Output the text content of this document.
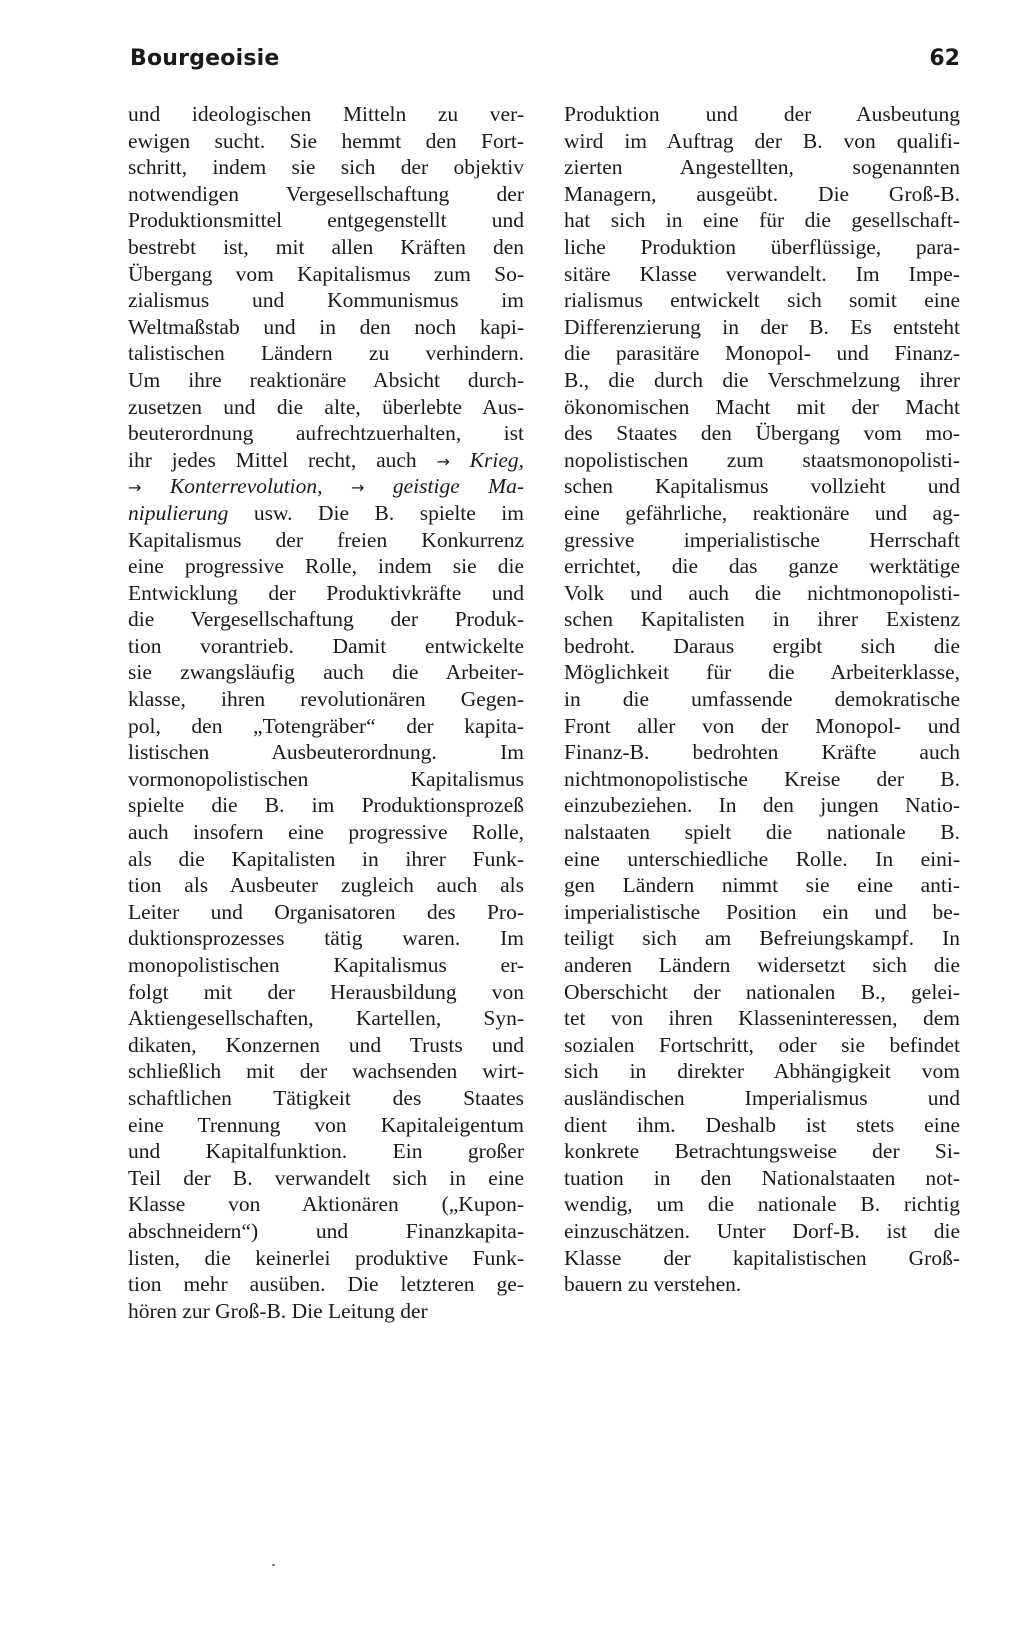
Bourgeoisie	62
und ideologischen Mitteln zu ver-
ewigen sucht. Sie hemmt den Fort-
schritt, indem sie sich der objektiv
notwendigen Vergesellschaftung der
Produktionsmittel entgegenstellt und
bestrebt ist, mit allen Kräften den
Übergang vom Kapitalismus zum So-
zialismus und Kommunismus im
Weltmaßstab und in den noch kapi-
talistischen Ländern zu verhindern.
Um ihre reaktionäre Absicht durch-
zusetzen und die alte, überlebte Aus-
beuterordnung aufrechtzuerhalten, ist
ihr jedes Mittel recht, auch → Krieg,
→ Konterrevolution, → geistige Ma-
nipulierung usw. Die B. spielte im
Kapitalismus der freien Konkurrenz
eine progressive Rolle, indem sie die
Entwicklung der Produktivkräfte und
die Vergesellschaftung der Produk-
tion vorantrieb. Damit entwickelte
sie zwangsläufig auch die Arbeiter-
klasse, ihren revolutionären Gegen-
pol, den „Totengräber“ der kapita-
listischen Ausbeuterordnung. Im
vormonopolistischen Kapitalismus
spielte die B. im Produktionsprozeß
auch insofern eine progressive Rolle,
als die Kapitalisten in ihrer Funk-
tion als Ausbeuter zugleich auch als
Leiter und Organisatoren des Pro-
duktionsprozesses tätig waren. Im
monopolistischen Kapitalismus er-
folgt mit der Herausbildung von
Aktiengesellschaften, Kartellen, Syn-
dikaten, Konzernen und Trusts und
schließlich mit der wachsenden wirt-
schaftlichen Tätigkeit des Staates
eine Trennung von Kapitaleigentum
und Kapitalfunktion. Ein großer
Teil der B. verwandelt sich in eine
Klasse von Aktionären („Kupon-
abschneidern“) und Finanzkapita-
listen, die keinerlei produktive Funk-
tion mehr ausüben. Die letzteren ge-
hören zur Groß-B. Die Leitung der
Produktion und der Ausbeutung
wird im Auftrag der B. von qualifi-
zierten Angestellten, sogenannten
Managern, ausgeübt. Die Groß-B.
hat sich in eine für die gesellschaft-
liche Produktion überflüssige, para-
sitäre Klasse verwandelt. Im Impe-
rialismus entwickelt sich somit eine
Differenzierung in der B. Es entsteht
die parasitäre Monopol- und Finanz-
B., die durch die Verschmelzung ihrer
ökonomischen Macht mit der Macht
des Staates den Übergang vom mo-
nopolistischen zum staatsmonopolisti-
schen Kapitalismus vollzieht und
eine gefährliche, reaktionäre und ag-
gressive imperialistische Herrschaft
errichtet, die das ganze werktätige
Volk und auch die nichtmonopolisti-
schen Kapitalisten in ihrer Existenz
bedroht. Daraus ergibt sich die
Möglichkeit für die Arbeiterklasse,
in die umfassende demokratische
Front aller von der Monopol- und
Finanz-B. bedrohten Kräfte auch
nichtmonopolistische Kreise der B.
einzubeziehen. In den jungen Natio-
nalstaaten spielt die nationale B.
eine unterschiedliche Rolle. In eini-
gen Ländern nimmt sie eine anti-
imperialistische Position ein und be-
teiligt sich am Befreiungskampf. In
anderen Ländern widersetzt sich die
Oberschicht der nationalen B., gelei-
tet von ihren Klasseninteressen, dem
sozialen Fortschritt, oder sie befindet
sich in direkter Abhängigkeit vom
ausländischen Imperialismus und
dient ihm. Deshalb ist stets eine
konkrete Betrachtungsweise der Si-
tuation in den Nationalstaaten not-
wendig, um die nationale B. richtig
einzuschätzen. Unter Dorf-B. ist die
Klasse der kapitalistischen Groß-
bauern zu verstehen.
